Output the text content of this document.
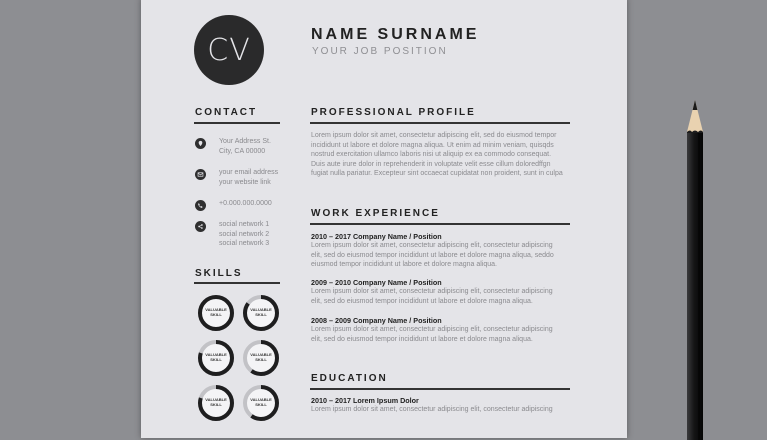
CV	NAME SURNAME
YOUR JOB POSITION
CONTACT
Your Address St.
City, CA 00000
your email address
your website link
+0.000.000.0000
social network 1
social network 2
social network 3
SKILLS
VALUABLE
SKILL
VALUABLE
SKILL
VALUABLE
SKILL
VALUABLE
SKILL
VALUABLE
SKILL
VALUABLE
SKILL
PROFESSIONAL PROFILE
Lorem ipsum dolor sit amet, consectetur adipiscing elit, sed do eiusmod tempor
incididunt ut labore et dolore magna aliqua. Ut enim ad minim veniam, quisqds
nostrud exercitation ullamco laboris nisi ut aliquip ex ea commodo consequat.
Duis aute irure dolor in reprehenderit in voluptate velit esse cillum doloredffgn
fugiat nulla pariatur. Excepteur sint occaecat cupidatat non proident, sunt in culpa
WORK EXPERIENCE
2010 – 2017 Company Name / Position
Lorem ipsum dolor sit amet, consectetur adipiscing elit, consectetur adipiscing
elit, sed do eiusmod tempor incididunt ut labore et dolore magna aliqua, seddo
eiusmod tempor incididunt ut labore et dolore magna aliqua.
2009 – 2010 Company Name / Position
Lorem ipsum dolor sit amet, consectetur adipiscing elit, consectetur adipiscing
elit, sed do eiusmod tempor incididunt ut labore et dolore magna aliqua.
2008 – 2009 Company Name / Position
Lorem ipsum dolor sit amet, consectetur adipiscing elit, consectetur adipiscing
elit, sed do eiusmod tempor incididunt ut labore et dolore magna aliqua.
EDUCATION
2010 – 2017 Lorem Ipsum Dolor
Lorem ipsum dolor sit amet, consectetur adipiscing elit, consectetur adipiscing
